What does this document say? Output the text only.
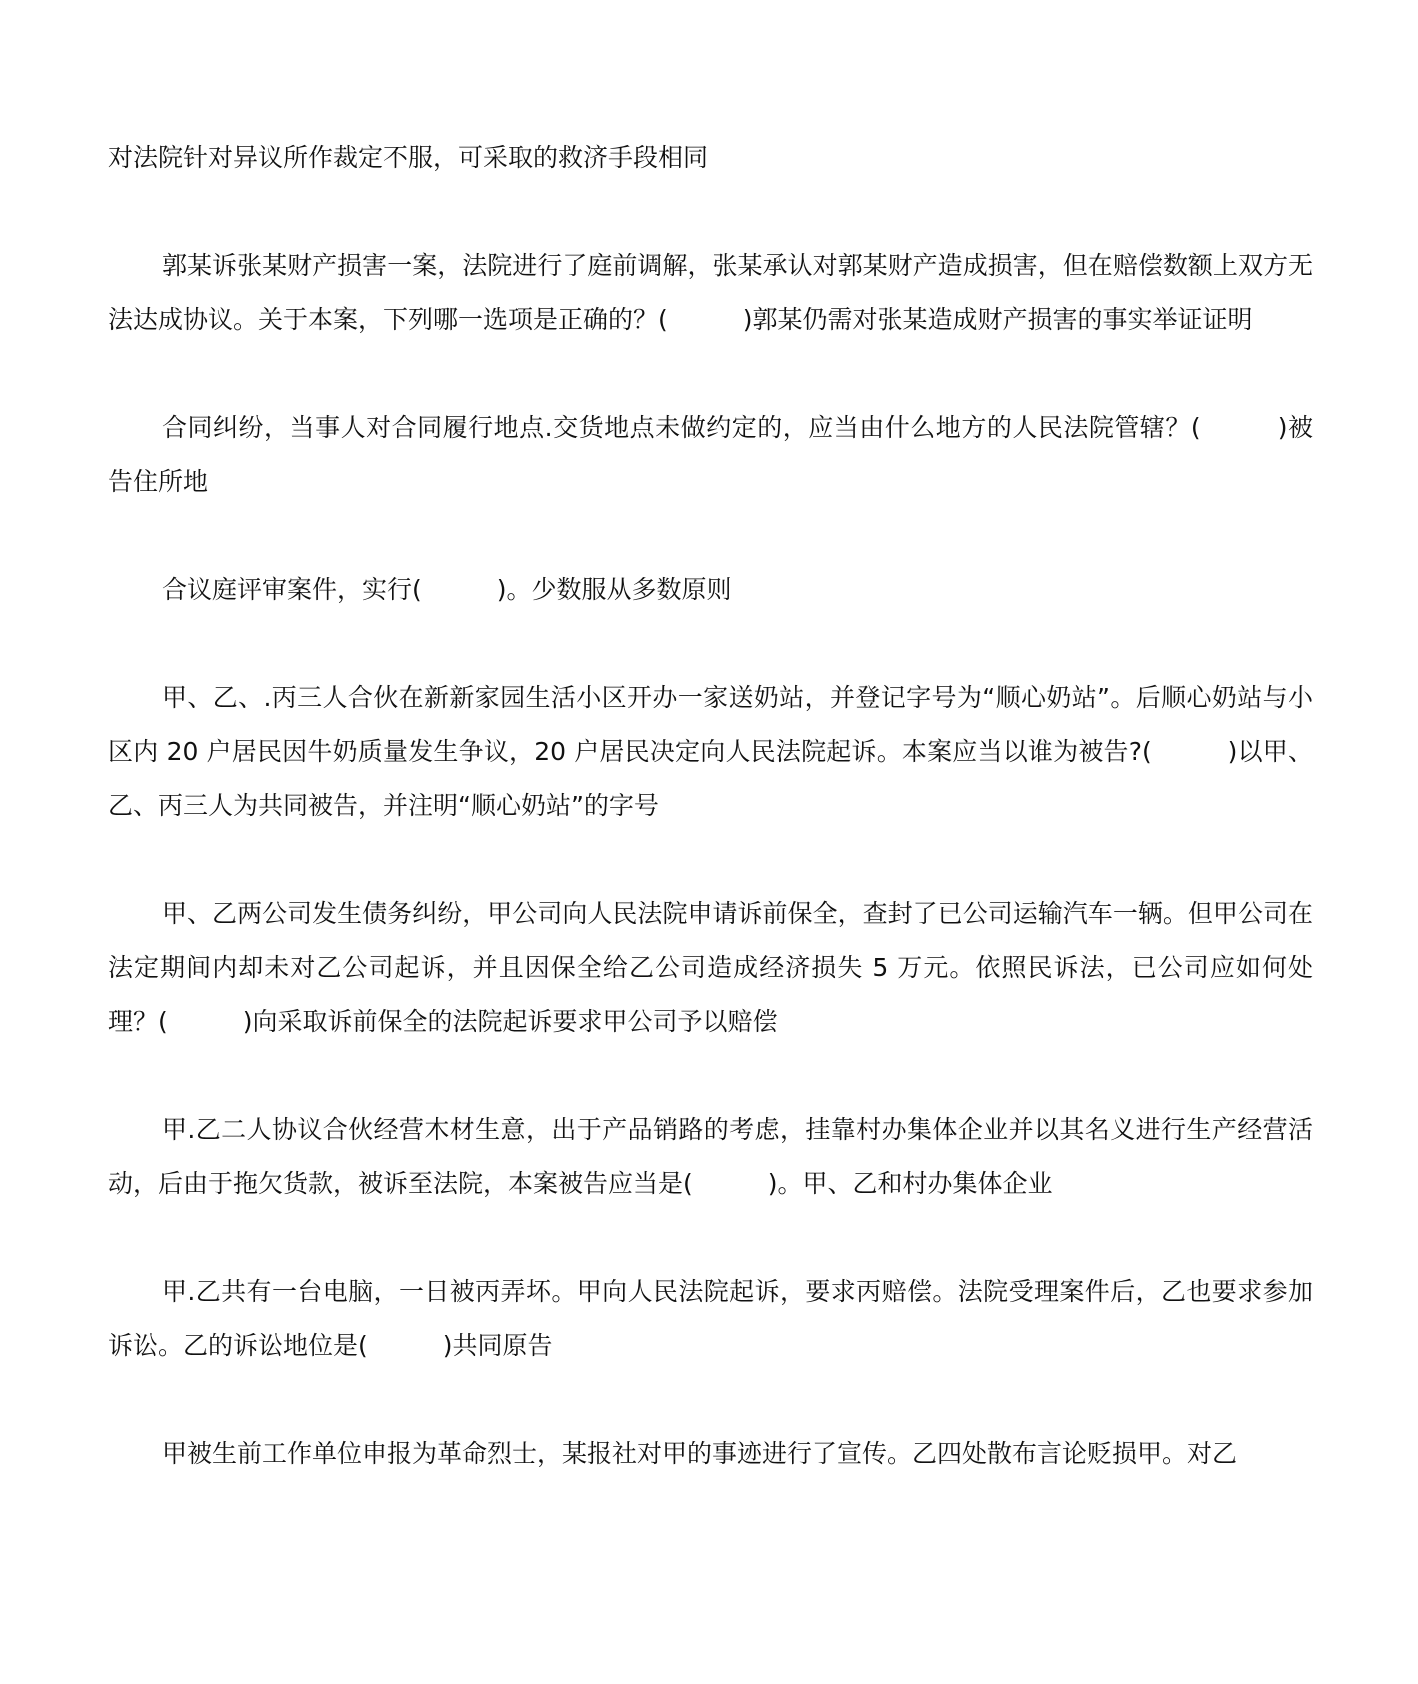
对法院针对异议所作裁定不服，可采取的救济手段相同

郭某诉张某财产损害一案，法院进行了庭前调解，张某承认对郭某财产造成损害，但在赔偿数额上双方无法达成协议。关于本案，下列哪一选项是正确的？(　　　)郭某仍需对张某造成财产损害的事实举证证明

合同纠纷，当事人对合同履行地点.交货地点未做约定的，应当由什么地方的人民法院管辖？(　　　)被告住所地

合议庭评审案件，实行(　　　)。少数服从多数原则

甲、乙、.丙三人合伙在新新家园生活小区开办一家送奶站，并登记字号为“顺心奶站”。后顺心奶站与小区内 20 户居民因牛奶质量发生争议，20 户居民决定向人民法院起诉。本案应当以谁为被告?(　　　)以甲、乙、丙三人为共同被告，并注明“顺心奶站”的字号

甲、乙两公司发生债务纠纷，甲公司向人民法院申请诉前保全，查封了已公司运输汽车一辆。但甲公司在法定期间内却未对乙公司起诉，并且因保全给乙公司造成经济损失 5 万元。依照民诉法，已公司应如何处理？(　　　)向采取诉前保全的法院起诉要求甲公司予以赔偿

甲.乙二人协议合伙经营木材生意，出于产品销路的考虑，挂靠村办集体企业并以其名义进行生产经营活动，后由于拖欠货款，被诉至法院，本案被告应当是(　　　)。甲、乙和村办集体企业

甲.乙共有一台电脑，一日被丙弄坏。甲向人民法院起诉，要求丙赔偿。法院受理案件后，乙也要求参加诉讼。乙的诉讼地位是(　　　)共同原告

甲被生前工作单位申报为革命烈士，某报社对甲的事迹进行了宣传。乙四处散布言论贬损甲。对乙
